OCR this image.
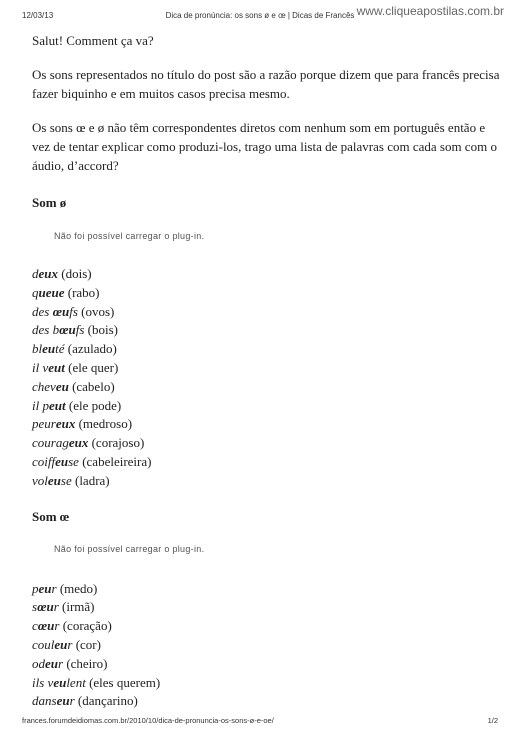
Dica de pronúncia: os sons ø e œ | Dicas de Francês
12/03/13	www.cliqueapostilas.com.br

Salut! Comment ça va?

Os sons representados no título do post são a razão porque dizem que para francês precisa fazer biquinho e em muitos casos precisa mesmo.

Os sons œ e ø não têm correspondentes diretos com nenhum som em português então e vez de tentar explicar como produzi-los, trago uma lista de palavras com cada som com o áudio, d’accord?

Som ø

Não foi possível carregar o plug-in.

deux (dois)
queue (rabo)
des œufs (ovos)
des bœufs (bois)
bleuté (azulado)
il veut (ele quer)
cheveu (cabelo)
il peut (ele pode)
peureux (medroso)
courageux (corajoso)
coiffeuse (cabeleireira)
voleuse (ladra)

Som œ

Não foi possível carregar o plug-in.

peur (medo)
sœur (irmã)
cœur (coração)
couleur (cor)
odeur (cheiro)
ils veulent (eles querem)
danseur (dançarino)
frances.forumdeidiomas.com.br/2010/10/dica-de-pronuncia-os-sons-ø-e-oe/	1/2
